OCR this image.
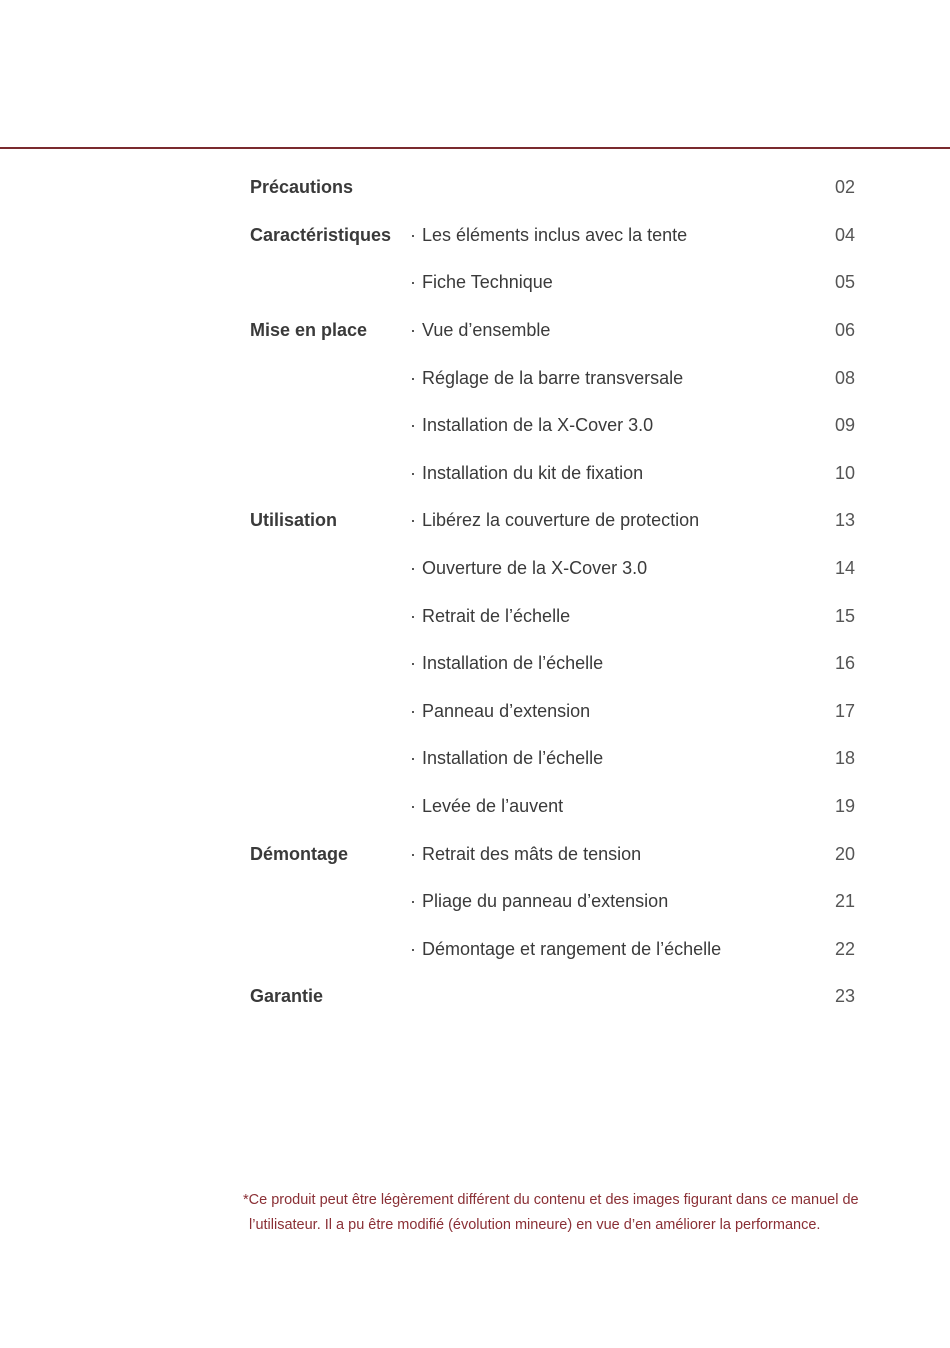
Précautions	02
Caractéristiques	· Les éléments inclus avec la tente	04
· Fiche Technique	05
Mise en place	· Vue d’ensemble	06
· Réglage de la barre transversale	08
· Installation de la X-Cover 3.0	09
· Installation du kit de fixation	10
Utilisation	· Libérez la couverture de protection	13
· Ouverture de la X-Cover 3.0	14
· Retrait de l’échelle	15
· Installation de l’échelle	16
· Panneau d’extension	17
· Installation de l’échelle	18
· Levée de l’auvent	19
Démontage	· Retrait des mâts de tension	20
· Pliage du panneau d’extension	21
· Démontage et rangement de l’échelle	22
Garantie	23
*Ce produit peut être légèrement différent du contenu et des images figurant dans ce manuel de
l’utilisateur. Il a pu être modifié (évolution mineure) en vue d’en améliorer la performance.
